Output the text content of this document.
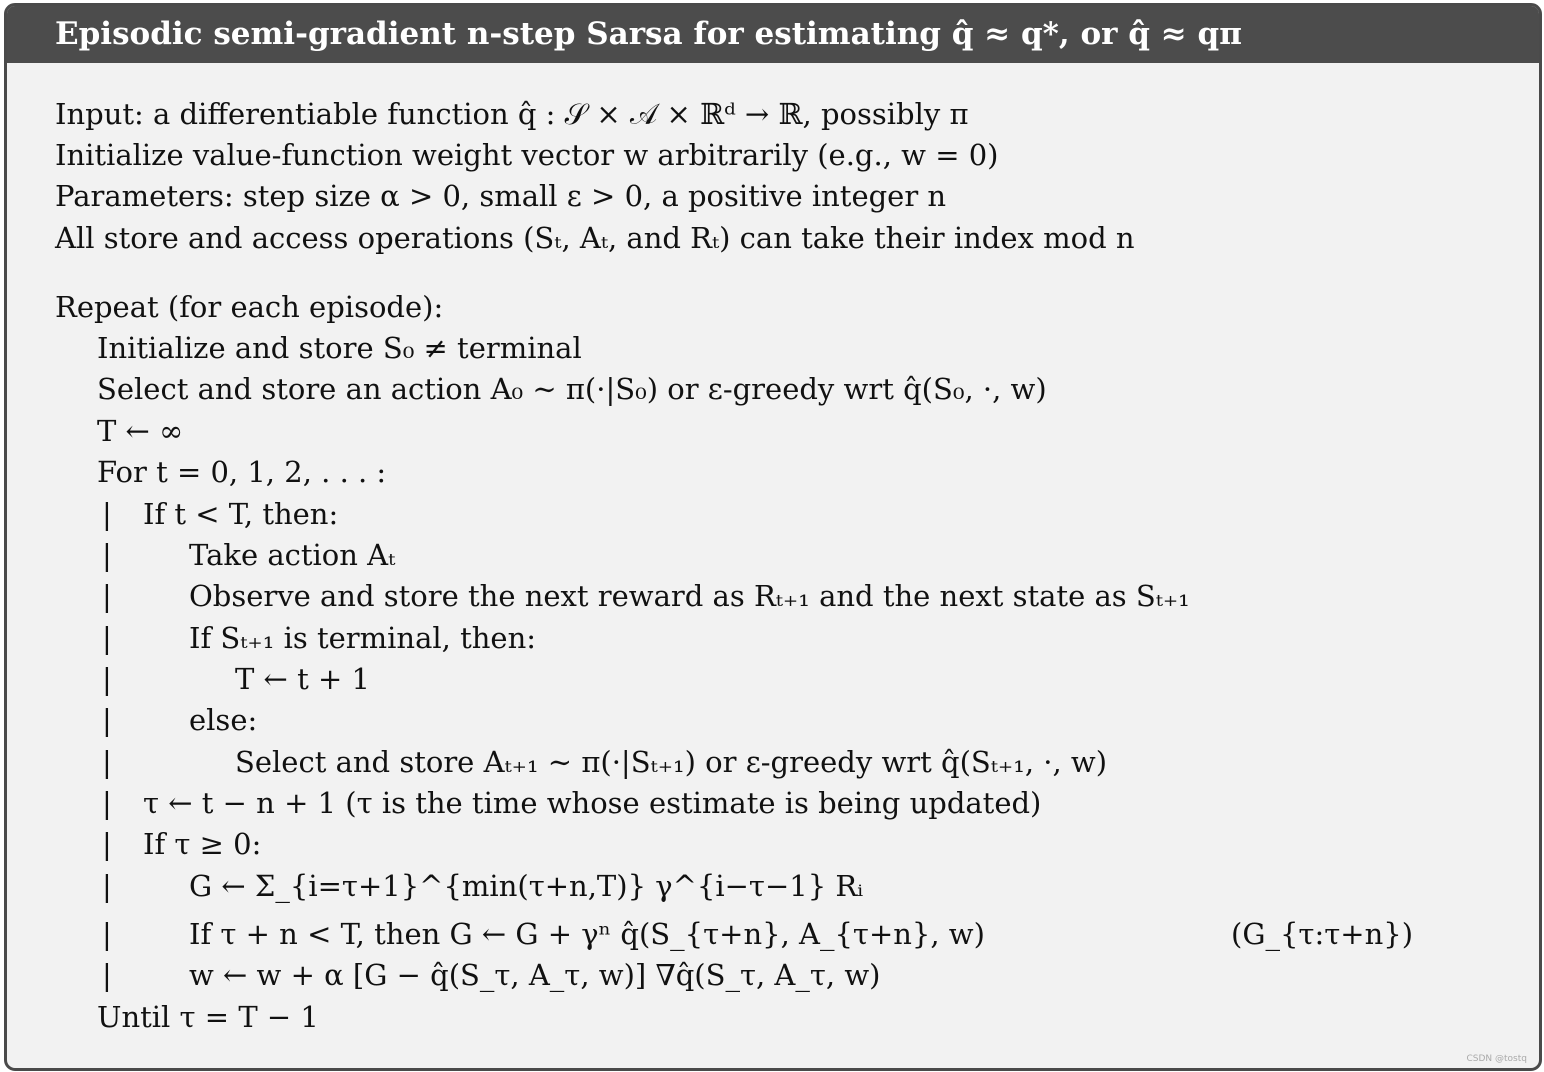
Episodic semi-gradient n-step Sarsa for estimating q̂ ≈ q*, or q̂ ≈ qπ
Input: a differentiable function q̂ : 𝒮 × 𝒜 × ℝᵈ → ℝ, possibly π
Initialize value-function weight vector w arbitrarily (e.g., w = 0)
Parameters: step size α > 0, small ε > 0, a positive integer n
All store and access operations (Sₜ, Aₜ, and Rₜ) can take their index mod n
Repeat (for each episode):
Initialize and store S₀ ≠ terminal
Select and store an action A₀ ∼ π(·|S₀) or ε-greedy wrt q̂(S₀, ·, w)
T ← ∞
For t = 0, 1, 2, . . . :
|
|
|
|
|
|
|
|
|
|
|
|
If t < T, then:
Take action Aₜ
Observe and store the next reward as Rₜ₊₁ and the next state as Sₜ₊₁
If Sₜ₊₁ is terminal, then:
T ← t + 1
else:
Select and store Aₜ₊₁ ∼ π(·|Sₜ₊₁) or ε-greedy wrt q̂(Sₜ₊₁, ·, w)
τ ← t − n + 1 (τ is the time whose estimate is being updated)
If τ ≥ 0:
G ← Σ_{i=τ+1}^{min(τ+n,T)} γ^{i−τ−1} Rᵢ
If τ + n < T, then G ← G + γⁿ q̂(S_{τ+n}, A_{τ+n}, w)	(G_{τ:τ+n})
w ← w + α [G − q̂(S_τ, A_τ, w)] ∇q̂(S_τ, A_τ, w)
Until τ = T − 1
CSDN @tostq
